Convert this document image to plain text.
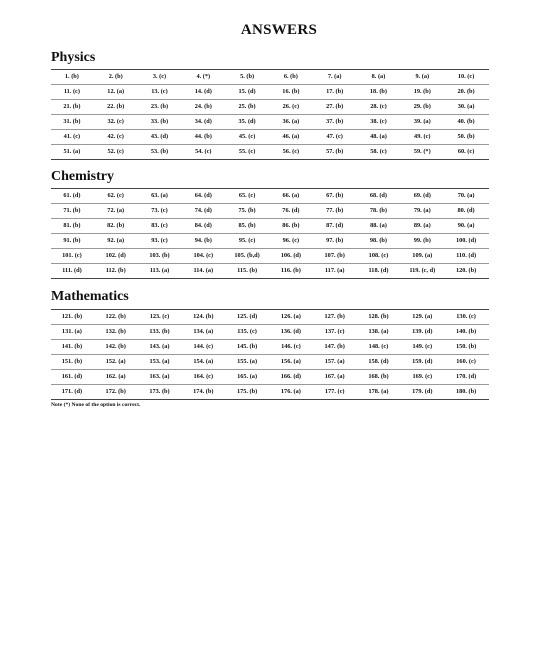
ANSWERS
Physics
1. (b)	2. (b)	3. (c)	4. (*)	5. (b)	6. (b)	7. (a)	8. (a)	9. (a)	10. (c)
11. (c)	12. (a)	13. (c)	14. (d)	15. (d)	16. (b)	17. (b)	18. (b)	19. (b)	20. (b)
21. (b)	22. (b)	23. (b)	24. (b)	25. (b)	26. (c)	27. (b)	28. (c)	29. (b)	30. (a)
31. (b)	32. (c)	33. (b)	34. (d)	35. (d)	36. (a)	37. (b)	38. (c)	39. (a)	40. (b)
41. (c)	42. (c)	43. (d)	44. (b)	45. (c)	46. (a)	47. (c)	48. (a)	49. (c)	50. (b)
51. (a)	52. (c)	53. (b)	54. (c)	55. (c)	56. (c)	57. (b)	58. (c)	59. (*)	60. (c)
Chemistry
61. (d)	62. (c)	63. (a)	64. (d)	65. (c)	66. (a)	67. (b)	68. (d)	69. (d)	70. (a)
71. (b)	72. (a)	73. (c)	74. (d)	75. (b)	76. (d)	77. (b)	78. (b)	79. (a)	80. (d)
81. (b)	82. (b)	83. (c)	84. (d)	85. (b)	86. (b)	87. (d)	88. (a)	89. (a)	90. (a)
91. (b)	92. (a)	93. (c)	94. (b)	95. (c)	96. (c)	97. (b)	98. (b)	99. (b)	100. (d)
101. (c)	102. (d)	103. (b)	104. (c)	105. (b,d)	106. (d)	107. (b)	108. (c)	109. (a)	110. (d)
111. (d)	112. (b)	113. (a)	114. (a)	115. (b)	116. (b)	117. (a)	118. (d)	119. (c, d)	120. (b)
Mathematics
121. (b)	122. (b)	123. (c)	124. (b)	125. (d)	126. (a)	127. (b)	128. (b)	129. (a)	130. (c)
131. (a)	132. (b)	133. (b)	134. (a)	135. (c)	136. (d)	137. (c)	138. (a)	139. (d)	140. (b)
141. (b)	142. (b)	143. (a)	144. (c)	145. (b)	146. (c)	147. (b)	148. (c)	149. (c)	150. (b)
151. (b)	152. (a)	153. (a)	154. (a)	155. (a)	156. (a)	157. (a)	158. (d)	159. (d)	160. (c)
161. (d)	162. (a)	163. (a)	164. (c)	165. (a)	166. (d)	167. (a)	168. (b)	169. (c)	170. (d)
171. (d)	172. (b)	173. (b)	174. (b)	175. (b)	176. (a)	177. (c)	178. (a)	179. (d)	180. (b)
Note (*) None of the option is correct.
